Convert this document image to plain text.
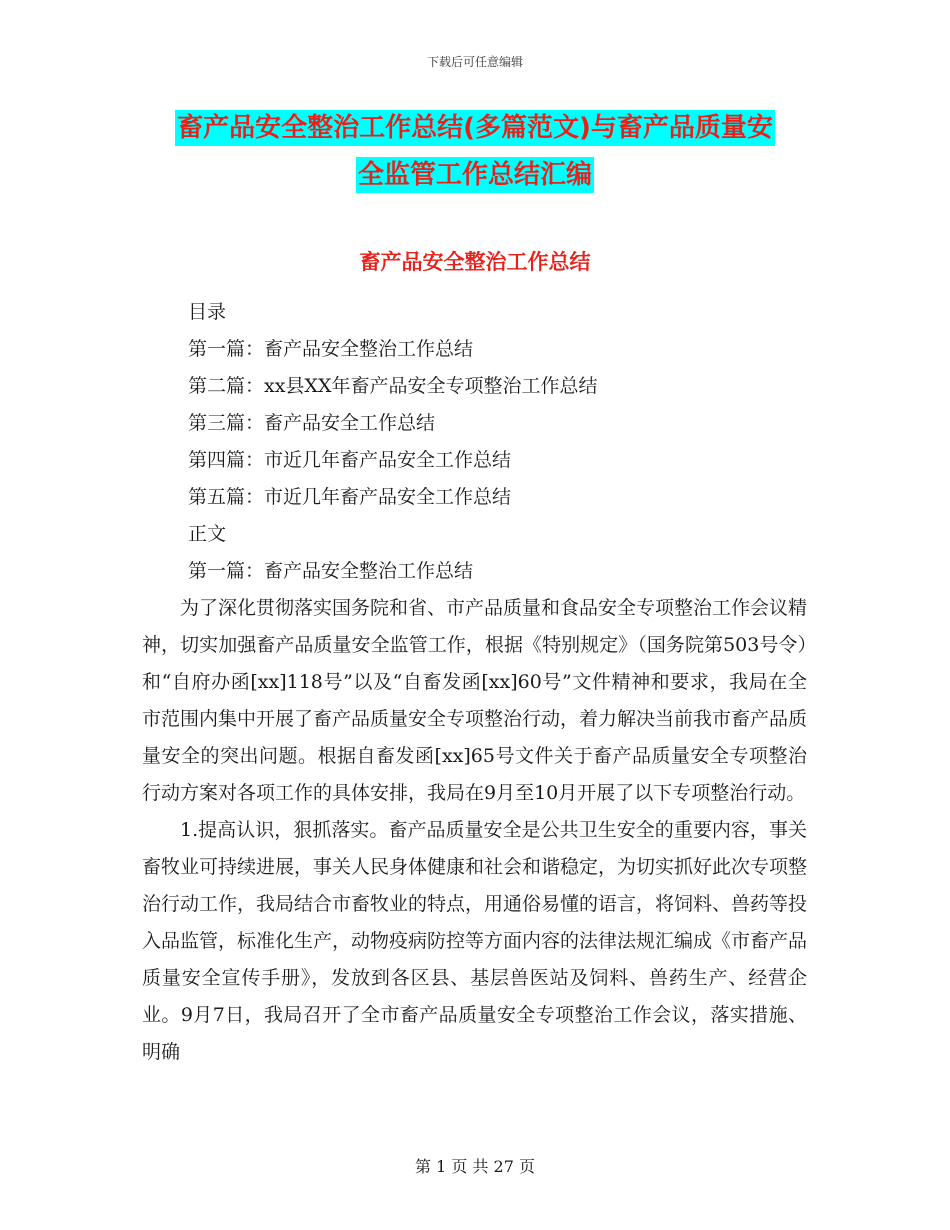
下载后可任意编辑
畜产品安全整治工作总结(多篇范文)与畜产品质量安
全监管工作总结汇编
畜产品安全整治工作总结
目录
第一篇：畜产品安全整治工作总结
第二篇：xx县XX年畜产品安全专项整治工作总结
第三篇：畜产品安全工作总结
第四篇：市近几年畜产品安全工作总结
第五篇：市近几年畜产品安全工作总结
正文
第一篇：畜产品安全整治工作总结

为了深化贯彻落实国务院和省、市产品质量和食品安全专项整治工作会议精神，切实加强畜产品质量安全监管工作，根据《特别规定》（国务院第503号令）和“自府办函[xx]118号”以及“自畜发函[xx]60号”文件精神和要求，我局在全市范围内集中开展了畜产品质量安全专项整治行动，着力解决当前我市畜产品质量安全的突出问题。根据自畜发函[xx]65号文件关于畜产品质量安全专项整治行动方案对各项工作的具体安排，我局在9月至10月开展了以下专项整治行动。

1.提高认识，狠抓落实。畜产品质量安全是公共卫生安全的重要内容，事关畜牧业可持续进展，事关人民身体健康和社会和谐稳定，为切实抓好此次专项整治行动工作，我局结合市畜牧业的特点，用通俗易懂的语言，将饲料、兽药等投入品监管，标准化生产，动物疫病防控等方面内容的法律法规汇编成《市畜产品质量安全宣传手册》，发放到各区县、基层兽医站及饲料、兽药生产、经营企业。9月7日，我局召开了全市畜产品质量安全专项整治工作会议，落实措施、明确

第 1 页 共 27 页
